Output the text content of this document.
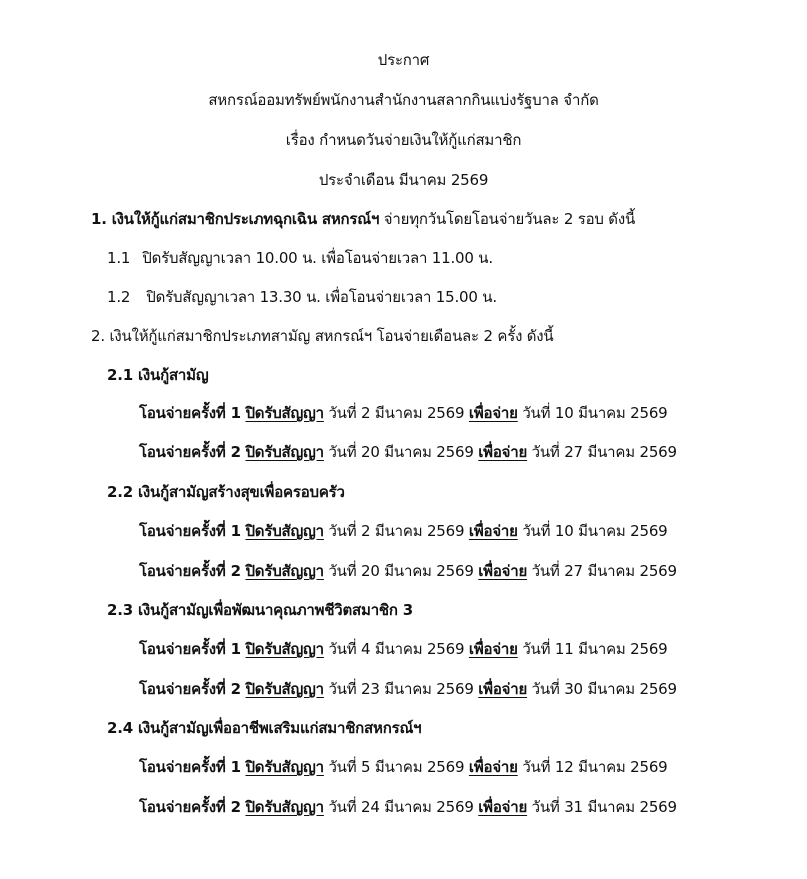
ประกาศ
สหกรณ์ออมทรัพย์พนักงานสำนักงานสลากกินแบ่งรัฐบาล จำกัด
เรื่อง กำหนดวันจ่ายเงินให้กู้แก่สมาชิก
ประจำเดือน มีนาคม 2569
1. เงินให้กู้แก่สมาชิกประเภทฉุกเฉิน สหกรณ์ฯ จ่ายทุกวันโดยโอนจ่ายวันละ 2 รอบ ดังนี้
1.1 ปิดรับสัญญาเวลา 10.00 น. เพื่อโอนจ่ายเวลา 11.00 น.
1.2 ปิดรับสัญญาเวลา 13.30 น. เพื่อโอนจ่ายเวลา 15.00 น.
2. เงินให้กู้แก่สมาชิกประเภทสามัญ สหกรณ์ฯ โอนจ่ายเดือนละ 2 ครั้ง ดังนี้
2.1 เงินกู้สามัญ
โอนจ่ายครั้งที่ 1 ปิดรับสัญญา วันที่ 2 มีนาคม 2569 เพื่อจ่าย วันที่ 10 มีนาคม 2569
โอนจ่ายครั้งที่ 2 ปิดรับสัญญา วันที่ 20 มีนาคม 2569 เพื่อจ่าย วันที่ 27 มีนาคม 2569
2.2 เงินกู้สามัญสร้างสุขเพื่อครอบครัว
โอนจ่ายครั้งที่ 1 ปิดรับสัญญา วันที่ 2 มีนาคม 2569 เพื่อจ่าย วันที่ 10 มีนาคม 2569
โอนจ่ายครั้งที่ 2 ปิดรับสัญญา วันที่ 20 มีนาคม 2569 เพื่อจ่าย วันที่ 27 มีนาคม 2569
2.3 เงินกู้สามัญเพื่อพัฒนาคุณภาพชีวิตสมาชิก 3
โอนจ่ายครั้งที่ 1 ปิดรับสัญญา วันที่ 4 มีนาคม 2569 เพื่อจ่าย วันที่ 11 มีนาคม 2569
โอนจ่ายครั้งที่ 2 ปิดรับสัญญา วันที่ 23 มีนาคม 2569 เพื่อจ่าย วันที่ 30 มีนาคม 2569
2.4 เงินกู้สามัญเพื่ออาชีพเสริมแก่สมาชิกสหกรณ์ฯ
โอนจ่ายครั้งที่ 1 ปิดรับสัญญา วันที่ 5 มีนาคม 2569 เพื่อจ่าย วันที่ 12 มีนาคม 2569
โอนจ่ายครั้งที่ 2 ปิดรับสัญญา วันที่ 24 มีนาคม 2569 เพื่อจ่าย วันที่ 31 มีนาคม 2569
